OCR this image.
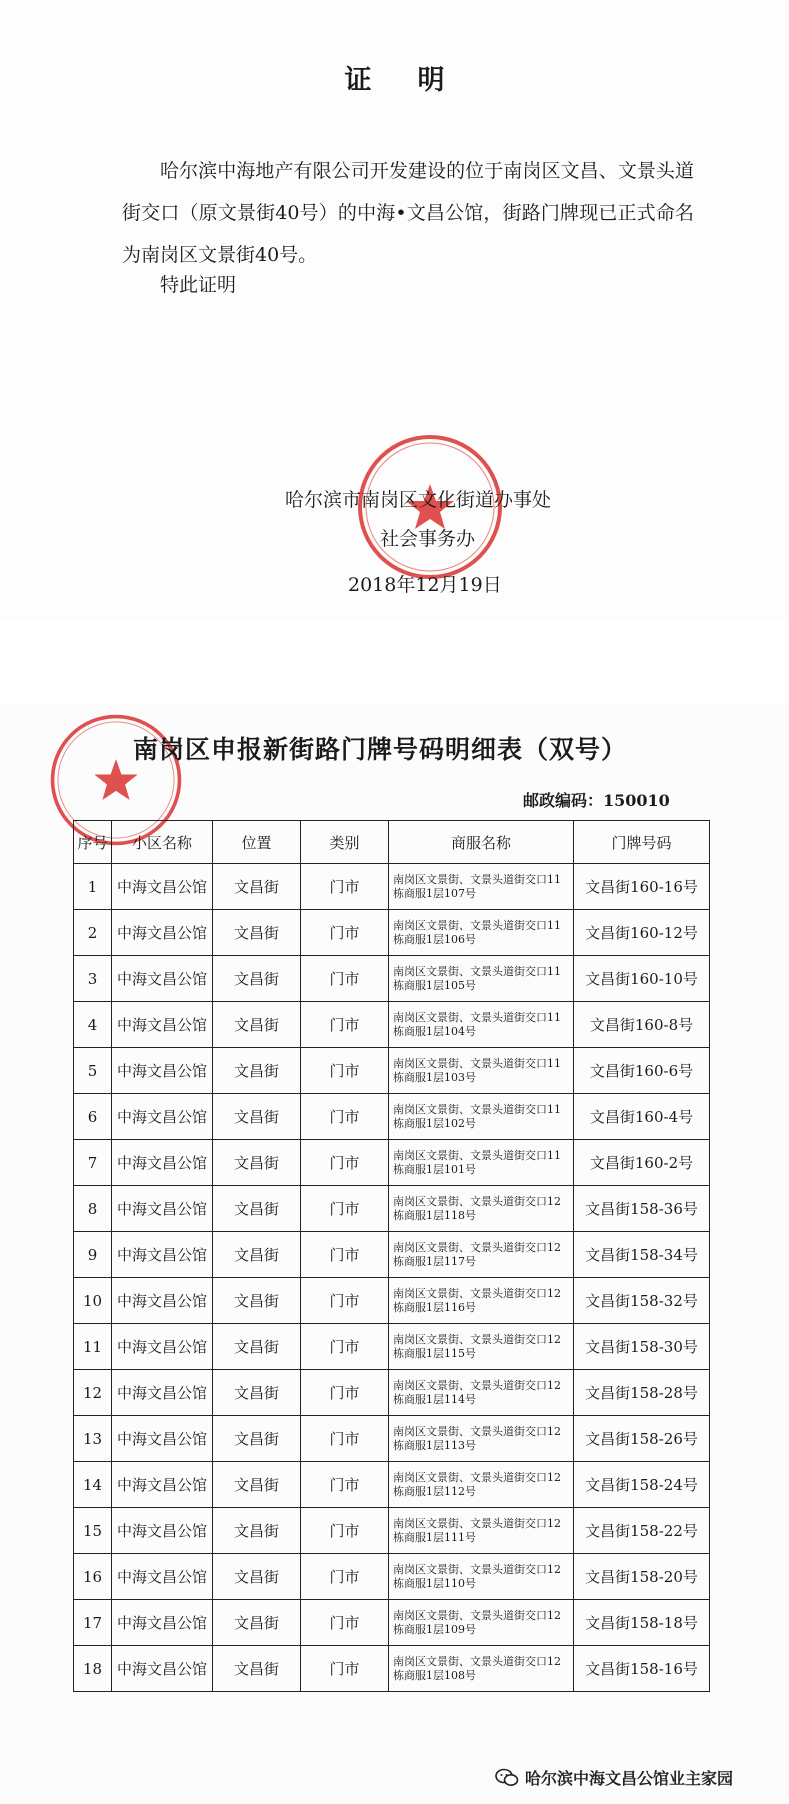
证明
哈尔滨中海地产有限公司开发建设的位于南岗区文昌、文景头道街交口（原文景街40号）的中海•文昌公馆，街路门牌现已正式命名为南岗区文景街40号。
特此证明
哈尔滨市南岗区文化街道办事处
社会事务办
2018年12月19日
南岗区申报新街路门牌号码明细表（双号）
邮政编码：150010
序号	小区名称	位置	类别	商服名称	门牌号码
1	中海文昌公馆	文昌街	门市	南岗区文景街、文景头道街交口11栋商服1层107号	文昌街160-16号
2	中海文昌公馆	文昌街	门市	南岗区文景街、文景头道街交口11栋商服1层106号	文昌街160-12号
3	中海文昌公馆	文昌街	门市	南岗区文景街、文景头道街交口11栋商服1层105号	文昌街160-10号
4	中海文昌公馆	文昌街	门市	南岗区文景街、文景头道街交口11栋商服1层104号	文昌街160-8号
5	中海文昌公馆	文昌街	门市	南岗区文景街、文景头道街交口11栋商服1层103号	文昌街160-6号
6	中海文昌公馆	文昌街	门市	南岗区文景街、文景头道街交口11栋商服1层102号	文昌街160-4号
7	中海文昌公馆	文昌街	门市	南岗区文景街、文景头道街交口11栋商服1层101号	文昌街160-2号
8	中海文昌公馆	文昌街	门市	南岗区文景街、文景头道街交口12栋商服1层118号	文昌街158-36号
9	中海文昌公馆	文昌街	门市	南岗区文景街、文景头道街交口12栋商服1层117号	文昌街158-34号
10	中海文昌公馆	文昌街	门市	南岗区文景街、文景头道街交口12栋商服1层116号	文昌街158-32号
11	中海文昌公馆	文昌街	门市	南岗区文景街、文景头道街交口12栋商服1层115号	文昌街158-30号
12	中海文昌公馆	文昌街	门市	南岗区文景街、文景头道街交口12栋商服1层114号	文昌街158-28号
13	中海文昌公馆	文昌街	门市	南岗区文景街、文景头道街交口12栋商服1层113号	文昌街158-26号
14	中海文昌公馆	文昌街	门市	南岗区文景街、文景头道街交口12栋商服1层112号	文昌街158-24号
15	中海文昌公馆	文昌街	门市	南岗区文景街、文景头道街交口12栋商服1层111号	文昌街158-22号
16	中海文昌公馆	文昌街	门市	南岗区文景街、文景头道街交口12栋商服1层110号	文昌街158-20号
17	中海文昌公馆	文昌街	门市	南岗区文景街、文景头道街交口12栋商服1层109号	文昌街158-18号
18	中海文昌公馆	文昌街	门市	南岗区文景街、文景头道街交口12栋商服1层108号	文昌街158-16号
哈尔滨中海文昌公馆业主家园
